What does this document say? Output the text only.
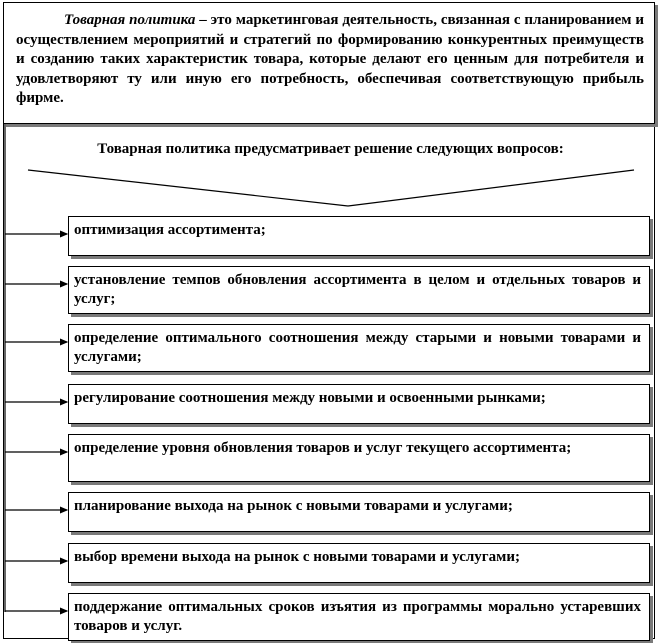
Товарная политика – это маркетинговая деятельность, связанная с планированием и осуществлением мероприятий и стратегий по формированию конкурентных преимуществ и созданию таких характеристик товара, которые делают его ценным для потребителя и удовлетворяют ту или иную его потребность, обеспечивая соответствующую прибыль фирме.
Товарная политика предусматривает решение следующих вопросов:
оптимизация ассортимента;
установление темпов обновления ассортимента в целом и отдельных товаров и услуг;
определение оптимального соотношения между старыми и новыми товарами и услугами;
регулирование соотношения между новыми и освоенными рынками;
определение уровня обновления товаров и услуг текущего ассортимента;
планирование выхода на рынок с новыми товарами и услугами;
выбор времени выхода на рынок с новыми товарами и услугами;
поддержание оптимальных сроков изъятия из программы морально устаревших товаров и услуг.
